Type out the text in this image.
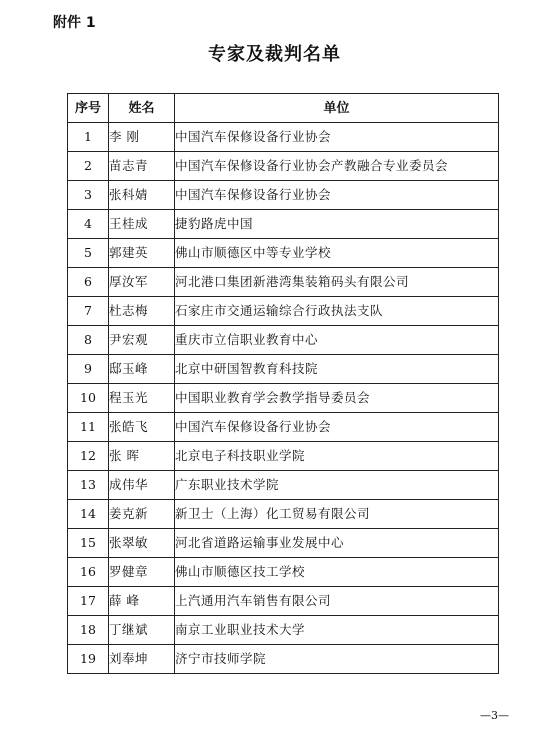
附件 1
专家及裁判名单
序号	姓名	单位
1	李 刚	中国汽车保修设备行业协会
2	苗志青	中国汽车保修设备行业协会产教融合专业委员会
3	张科婧	中国汽车保修设备行业协会
4	王桂成	捷豹路虎中国
5	郭建英	佛山市顺德区中等专业学校
6	厚汝军	河北港口集团新港湾集装箱码头有限公司
7	杜志梅	石家庄市交通运输综合行政执法支队
8	尹宏观	重庆市立信职业教育中心
9	邸玉峰	北京中研国智教育科技院
10	程玉光	中国职业教育学会教学指导委员会
11	张皓飞	中国汽车保修设备行业协会
12	张 晖	北京电子科技职业学院
13	成伟华	广东职业技术学院
14	姜克新	新卫士（上海）化工贸易有限公司
15	张翠敏	河北省道路运输事业发展中心
16	罗健章	佛山市顺德区技工学校
17	薛 峰	上汽通用汽车销售有限公司
18	丁继斌	南京工业职业技术大学
19	刘奉坤	济宁市技师学院
—3—
